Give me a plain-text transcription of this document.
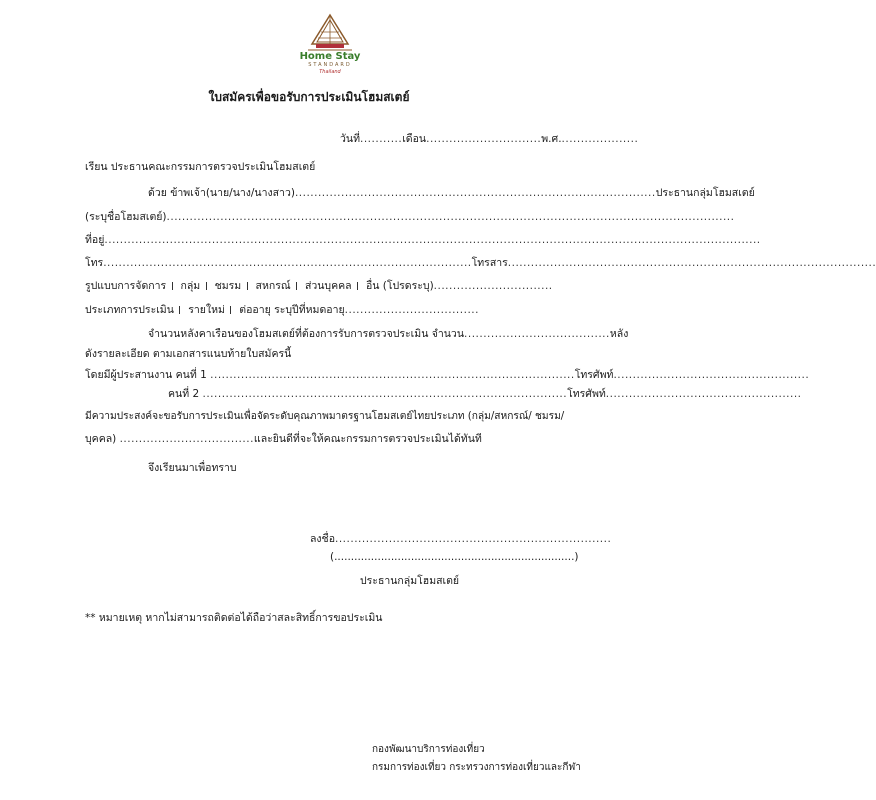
Home Stay
STANDARD
Thailand
ใบสมัครเพื่อขอรับการประเมินโฮมสเตย์
วันที่...........เดือน..............................พ.ศ.....................
เรียน ประธานคณะกรรมการตรวจประเมินโฮมสเตย์
ด้วย ข้าพเจ้า(นาย/นาง/นางสาว)..............................................................................................ประธานกลุ่มโฮมสเตย์
(ระบุชื่อโฮมสเตย์)....................................................................................................................................................
ที่อยู่...........................................................................................................................................................................
โทร................................................................................................โทรสาร................................................................................................
รูปแบบการจัดการ กลุ่ม ชมรม สหกรณ์ ส่วนบุคคล อื่น (โปรดระบุ)...............................
ประเภทการประเมิน รายใหม่ ต่ออายุ ระบุปีที่หมดอายุ...................................
จำนวนหลังคาเรือนของโฮมสเตย์ที่ต้องการรับการตรวจประเมิน จำนวน......................................หลัง
ดังรายละเอียด ตามเอกสารแนบท้ายใบสมัครนี้
โดยมีผู้ประสานงาน คนที่ 1 ...............................................................................................โทรศัพท์...................................................
คนที่ 2 ...............................................................................................โทรศัพท์...................................................
มีความประสงค์จะขอรับการประเมินเพื่อจัดระดับคุณภาพมาตรฐานโฮมสเตย์ไทยประเภท (กลุ่ม/สหกรณ์/ ชมรม/
บุคคล) ...................................และยินดีที่จะให้คณะกรรมการตรวจประเมินได้ทันที
จึงเรียนมาเพื่อทราบ
ลงชื่อ........................................................................
(........................................................................)
ประธานกลุ่มโฮมสเตย์
** หมายเหตุ หากไม่สามารถติดต่อได้ถือว่าสละสิทธิ์การขอประเมิน
กองพัฒนาบริการท่องเที่ยว
กรมการท่องเที่ยว กระทรวงการท่องเที่ยวและกีฬา
